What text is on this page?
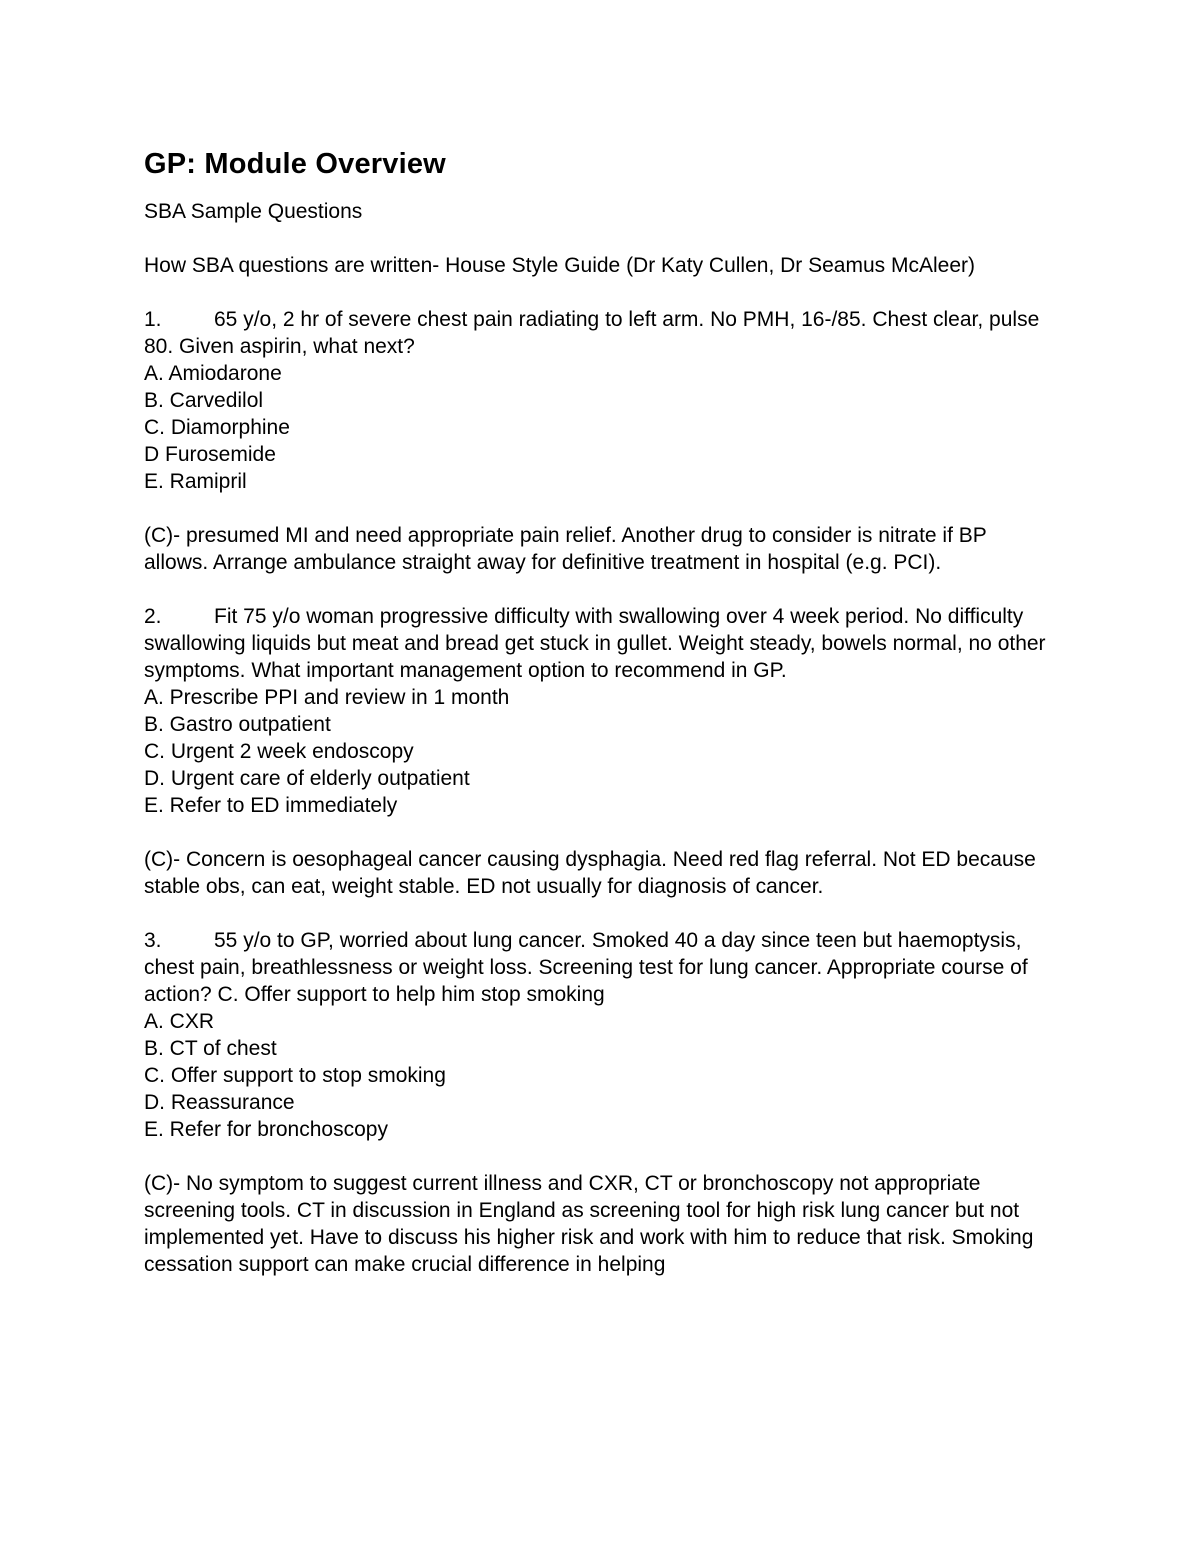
GP: Module Overview

SBA Sample Questions

How SBA questions are written- House Style Guide (Dr Katy Cullen, Dr Seamus McAleer)

1. 65 y/o, 2 hr of severe chest pain radiating to left arm. No PMH, 16-/85. Chest clear, pulse 80. Given aspirin, what next?

A. Amiodarone
B. Carvedilol
C. Diamorphine
D Furosemide
E. Ramipril

(C)- presumed MI and need appropriate pain relief. Another drug to consider is nitrate if BP allows. Arrange ambulance straight away for definitive treatment in hospital (e.g. PCI).

2. Fit 75 y/o woman progressive difficulty with swallowing over 4 week period. No difficulty swallowing liquids but meat and bread get stuck in gullet. Weight steady, bowels normal, no other symptoms. What important management option to recommend in GP.

A. Prescribe PPI and review in 1 month
B. Gastro outpatient
C. Urgent 2 week endoscopy
D. Urgent care of elderly outpatient
E. Refer to ED immediately

(C)- Concern is oesophageal cancer causing dysphagia. Need red flag referral. Not ED because stable obs, can eat, weight stable. ED not usually for diagnosis of cancer.

3. 55 y/o to GP, worried about lung cancer. Smoked 40 a day since teen but haemoptysis, chest pain, breathlessness or weight loss. Screening test for lung cancer. Appropriate course of action? C. Offer support to help him stop smoking

A. CXR
B. CT of chest
C. Offer support to stop smoking
D. Reassurance
E. Refer for bronchoscopy

(C)- No symptom to suggest current illness and CXR, CT or bronchoscopy not appropriate screening tools. CT in discussion in England as screening tool for high risk lung cancer but not implemented yet. Have to discuss his higher risk and work with him to reduce that risk. Smoking cessation support can make crucial difference in helping
